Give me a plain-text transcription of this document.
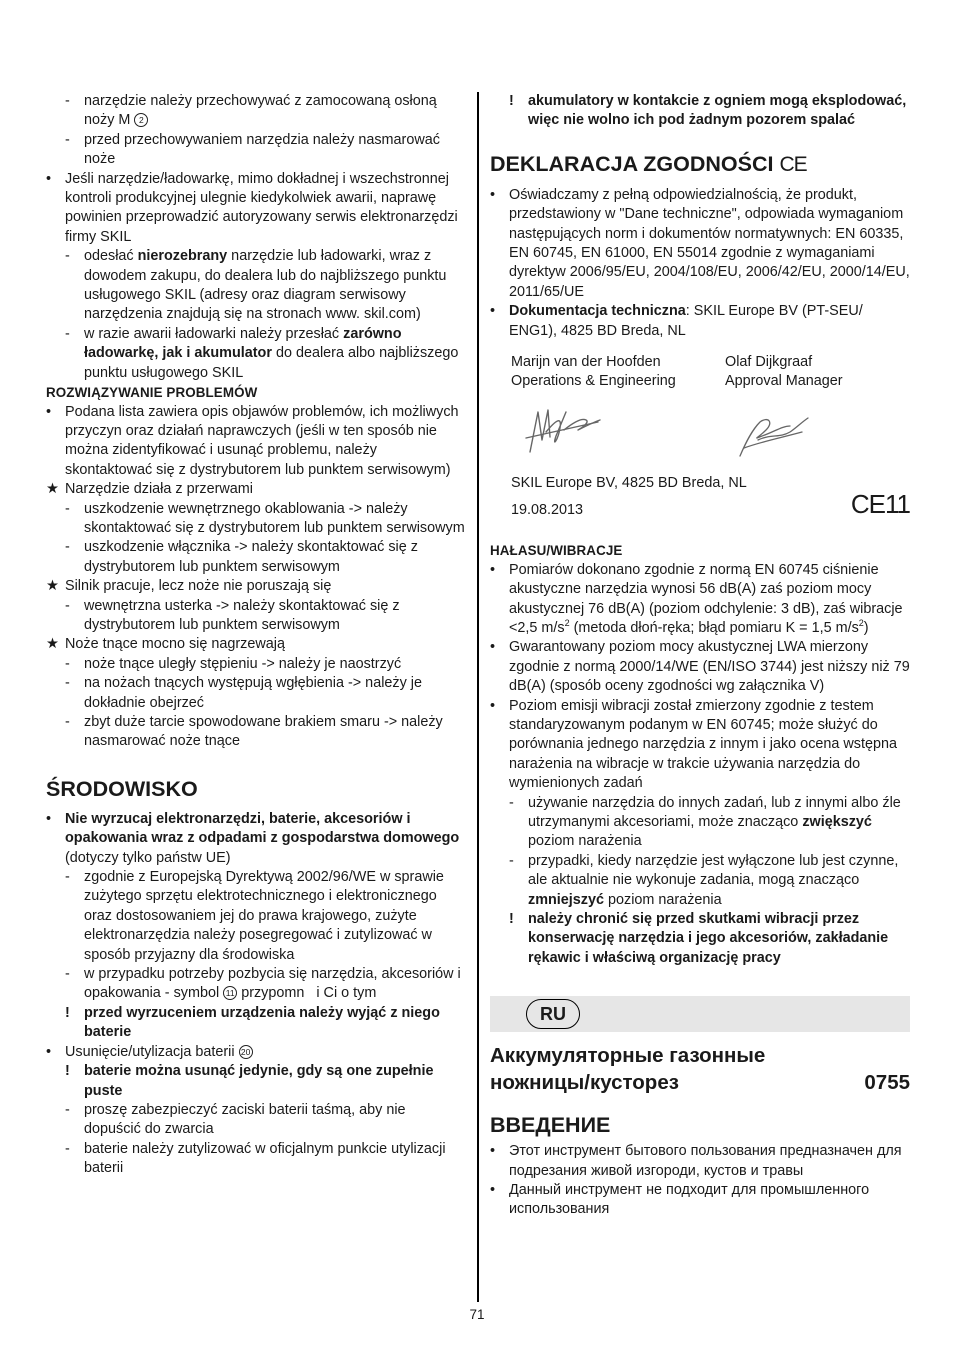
- narzędzie należy przechowywać z zamocowaną osłoną noży M 2
- przed przechowywaniem narzędzia należy nasmarować noże
• Jeśli narzędzie/ładowarkę, mimo dokładnej i wszechstronnej kontroli produkcyjnej ulegnie kiedykolwiek awarii, naprawę powinien przeprowadzić autoryzowany serwis elektronarzędzi firmy SKIL
- odesłać nierozebrany narzędzie lub ładowarki, wraz z dowodem zakupu, do dealera lub do najbliższego punktu usługowego SKIL (adresy oraz diagram serwisowy narzędzenia znajdują się na stronach www. skil.com)
- w razie awarii ładowarki należy przesłać zarówno ładowarkę, jak i akumulator do dealera albo najbliższego punktu usługowego SKIL
ROZWIĄZYWANIE PROBLEMÓW
• Podana lista zawiera opis objawów problemów, ich możliwych przyczyn oraz działań naprawczych (jeśli w ten sposób nie można zidentyfikować i usunąć problemu, należy skontaktować się z dystrybutorem lub punktem serwisowym)
★ Narzędzie działa z przerwami
- uszkodzenie wewnętrznego okablowania -> należy skontaktować się z dystrybutorem lub punktem serwisowym
- uszkodzenie włącznika -> należy skontaktować się z dystrybutorem lub punktem serwisowym
★ Silnik pracuje, lecz noże nie poruszają się
- wewnętrzna usterka -> należy skontaktować się z dystrybutorem lub punktem serwisowym
★ Noże tnące mocno się nagrzewają
- noże tnące uległy stępieniu -> należy je naostrzyć
- na nożach tnących występują wgłębienia -> należy je dokładnie obejrzeć
- zbyt duże tarcie spowodowane brakiem smaru -> należy nasmarować noże tnące
ŚRODOWISKO
• Nie wyrzucaj elektronarzędzi, baterie, akcesoriów i opakowania wraz z odpadami z gospodarstwa domowego (dotyczy tylko państw UE)
- zgodnie z Europejską Dyrektywą 2002/96/WE w sprawie zużytego sprzętu elektrotechnicznego i elektronicznego oraz dostosowaniem jej do prawa krajowego, zużyte elektronarzędzia należy posegregować i zutylizować w sposób przyjazny dla środowiska
- w przypadku potrzeby pozbycia się narzędzia, akcesoriów i opakowania - symbol 11 przypomn   i Ci o tym
! przed wyrzuceniem urządzenia należy wyjąć z niego baterie
• Usunięcie/utylizacja baterii 20
! baterie można usunąć jedynie, gdy są one zupełnie puste
- proszę zabezpieczyć zaciski baterii taśmą, aby nie dopuścić do zwarcia
- baterie należy zutylizować w oficjalnym punkcie utylizacji baterii
! akumulatory w kontakcie z ogniem mogą eksplodować, więc nie wolno ich pod żadnym pozorem spalać
DEKLARACJA ZGODNOŚCI CE
• Oświadczamy z pełną odpowiedzialnością, że produkt, przedstawiony w "Dane techniczne", odpowiada wymaganiom następujących norm i dokumentów normatywnych: EN 60335, EN 60745, EN 61000, EN 55014 zgodnie z wymaganiami dyrektyw 2006/95/EU, 2004/108/EU, 2006/42/EU, 2000/14/EU, 2011/65/UE
• Dokumentacja techniczna: SKIL Europe BV (PT-SEU/ ENG1), 4825 BD Breda, NL
Marijn van der Hoofden	Olaf Dijkgraaf
Operations & Engineering	Approval Manager
SKIL Europe BV, 4825 BD Breda, NL
19.08.2013	CE11
HAŁASU/WIBRACJE
• Pomiarów dokonano zgodnie z normą EN 60745 ciśnienie akustyczne narzędzia wynosi 56 dB(A) zaś poziom mocy akustycznej 76 dB(A) (poziom odchylenie: 3 dB), zaś wibracje <2,5 $m/s^2$ (metoda dłoń-ręka; błąd pomiaru K = 1,5 $m/s^2$)
• Gwarantowany poziom mocy akustycznej LWA mierzony zgodnie z normą 2000/14/WE (EN/ISO 3744) jest niższy niż 79 dB(A) (sposób oceny zgodności wg załącznika V)
• Poziom emisji wibracji został zmierzony zgodnie z testem standaryzowanym podanym w EN 60745; może służyć do porównania jednego narzędzia z innym i jako ocena wstępna narażenia na wibracje w trakcie używania narzędzia do wymienionych zadań
- używanie narzędzia do innych zadań, lub z innymi albo źle utrzymanymi akcesoriami, może znacząco zwiększyć poziom narażenia
- przypadki, kiedy narzędzie jest wyłączone lub jest czynne, ale aktualnie nie wykonuje zadania, mogą znacząco zmniejszyć poziom narażenia
! należy chronić się przed skutkami wibracji przez konserwację narzędzia i jego akcesoriów, zakładanie rękawic i właściwą organizację pracy
RU
Аккумуляторные газонные
ножницы/кусторез	0755
ВВЕДЕНИЕ
• Этот инструмент бытового пользования предназначен для подрезания живой изгороди, кустов и травы
• Данный инструмент не подходит для промышленного использования
71
